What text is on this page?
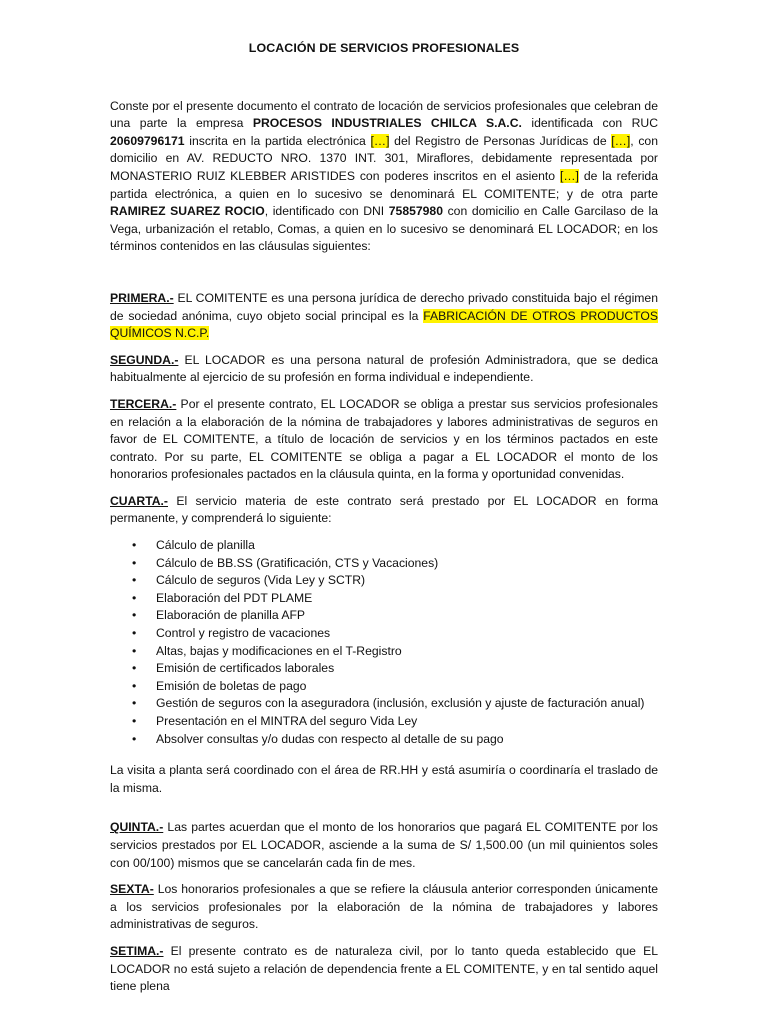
LOCACIÓN DE SERVICIOS PROFESIONALES

Conste por el presente documento el contrato de locación de servicios profesionales que celebran de una parte la empresa PROCESOS INDUSTRIALES CHILCA S.A.C. identificada con RUC 20609796171 inscrita en la partida electrónica […] del Registro de Personas Jurídicas de […], con domicilio en AV. REDUCTO NRO. 1370 INT. 301, Miraflores, debidamente representada por MONASTERIO RUIZ KLEBBER ARISTIDES con poderes inscritos en el asiento […] de la referida partida electrónica, a quien en lo sucesivo se denominará EL COMITENTE; y de otra parte RAMIREZ SUAREZ ROCIO, identificado con DNI 75857980 con domicilio en Calle Garcilaso de la Vega, urbanización el retablo, Comas, a quien en lo sucesivo se denominará EL LOCADOR; en los términos contenidos en las cláusulas siguientes:

PRIMERA.- EL COMITENTE es una persona jurídica de derecho privado constituida bajo el régimen de sociedad anónima, cuyo objeto social principal es la FABRICACIÓN DE OTROS PRODUCTOS QUÍMICOS N.C.P.

SEGUNDA.- EL LOCADOR es una persona natural de profesión Administradora, que se dedica habitualmente al ejercicio de su profesión en forma individual e independiente.

TERCERA.- Por el presente contrato, EL LOCADOR se obliga a prestar sus servicios profesionales en relación a la elaboración de la nómina de trabajadores y labores administrativas de seguros en favor de EL COMITENTE, a título de locación de servicios y en los términos pactados en este contrato. Por su parte, EL COMITENTE se obliga a pagar a EL LOCADOR el monto de los honorarios profesionales pactados en la cláusula quinta, en la forma y oportunidad convenidas.

CUARTA.- El servicio materia de este contrato será prestado por EL LOCADOR en forma permanente, y comprenderá lo siguiente:

• Cálculo de planilla
• Cálculo de BB.SS (Gratificación, CTS y Vacaciones)
• Cálculo de seguros (Vida Ley y SCTR)
• Elaboración del PDT PLAME
• Elaboración de planilla AFP
• Control y registro de vacaciones
• Altas, bajas y modificaciones en el T-Registro
• Emisión de certificados laborales
• Emisión de boletas de pago
• Gestión de seguros con la aseguradora (inclusión, exclusión y ajuste de facturación anual)
• Presentación en el MINTRA del seguro Vida Ley
• Absolver consultas y/o dudas con respecto al detalle de su pago

La visita a planta será coordinado con el área de RR.HH y está asumiría o coordinaría el traslado de la misma.

QUINTA.- Las partes acuerdan que el monto de los honorarios que pagará EL COMITENTE por los servicios prestados por EL LOCADOR, asciende a la suma de S/ 1,500.00 (un mil quinientos soles con 00/100) mismos que se cancelarán cada fin de mes.

SEXTA- Los honorarios profesionales a que se refiere la cláusula anterior corresponden únicamente a los servicios profesionales por la elaboración de la nómina de trabajadores y labores administrativas de seguros.

SETIMA.- El presente contrato es de naturaleza civil, por lo tanto queda establecido que EL LOCADOR no está sujeto a relación de dependencia frente a EL COMITENTE, y en tal sentido aquel tiene plena
